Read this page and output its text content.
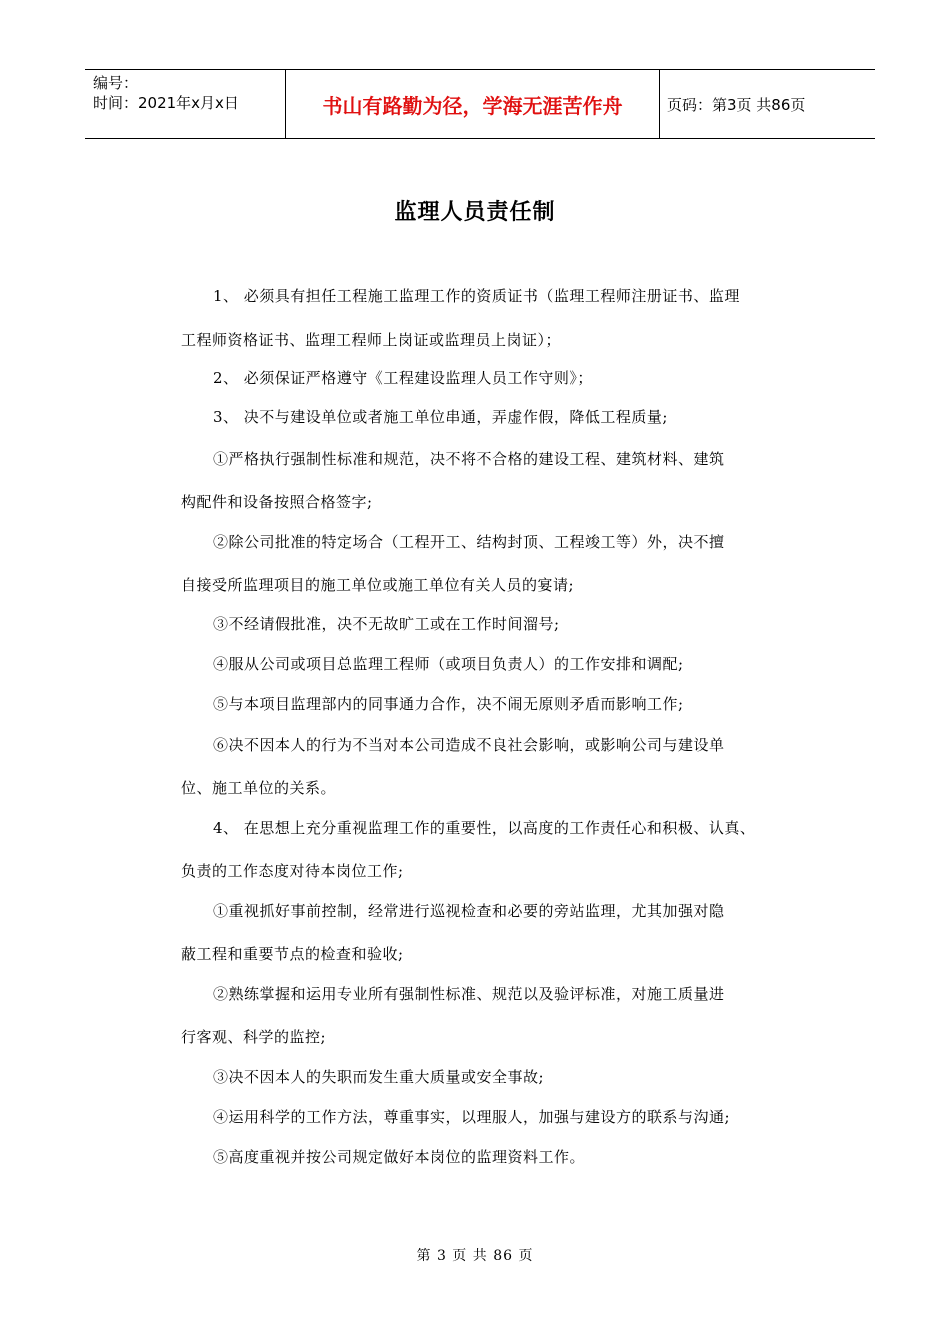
编号：
时间：2021年x月x日	书山有路勤为径，学海无涯苦作舟	页码：第3页 共86页
监理人员责任制
1、 必须具有担任工程施工监理工作的资质证书（监理工程师注册证书、监理
工程师资格证书、监理工程师上岗证或监理员上岗证）；
2、 必须保证严格遵守《工程建设监理人员工作守则》；
3、 决不与建设单位或者施工单位串通，弄虚作假，降低工程质量;
①严格执行强制性标准和规范，决不将不合格的建设工程、建筑材料、建筑
构配件和设备按照合格签字;
②除公司批准的特定场合（工程开工、结构封顶、工程竣工等）外，决不擅
自接受所监理项目的施工单位或施工单位有关人员的宴请;
③不经请假批准，决不无故旷工或在工作时间溜号;
④服从公司或项目总监理工程师（或项目负责人）的工作安排和调配;
⑤与本项目监理部内的同事通力合作，决不闹无原则矛盾而影响工作;
⑥决不因本人的行为不当对本公司造成不良社会影响，或影响公司与建设单
位、施工单位的关系。
4、 在思想上充分重视监理工作的重要性，以高度的工作责任心和积极、认真、
负责的工作态度对待本岗位工作;
①重视抓好事前控制，经常进行巡视检查和必要的旁站监理，尤其加强对隐
蔽工程和重要节点的检查和验收;
②熟练掌握和运用专业所有强制性标准、规范以及验评标准，对施工质量进
行客观、科学的监控;
③决不因本人的失职而发生重大质量或安全事故;
④运用科学的工作方法，尊重事实，以理服人，加强与建设方的联系与沟通;
⑤高度重视并按公司规定做好本岗位的监理资料工作。
第 3 页 共 86 页
